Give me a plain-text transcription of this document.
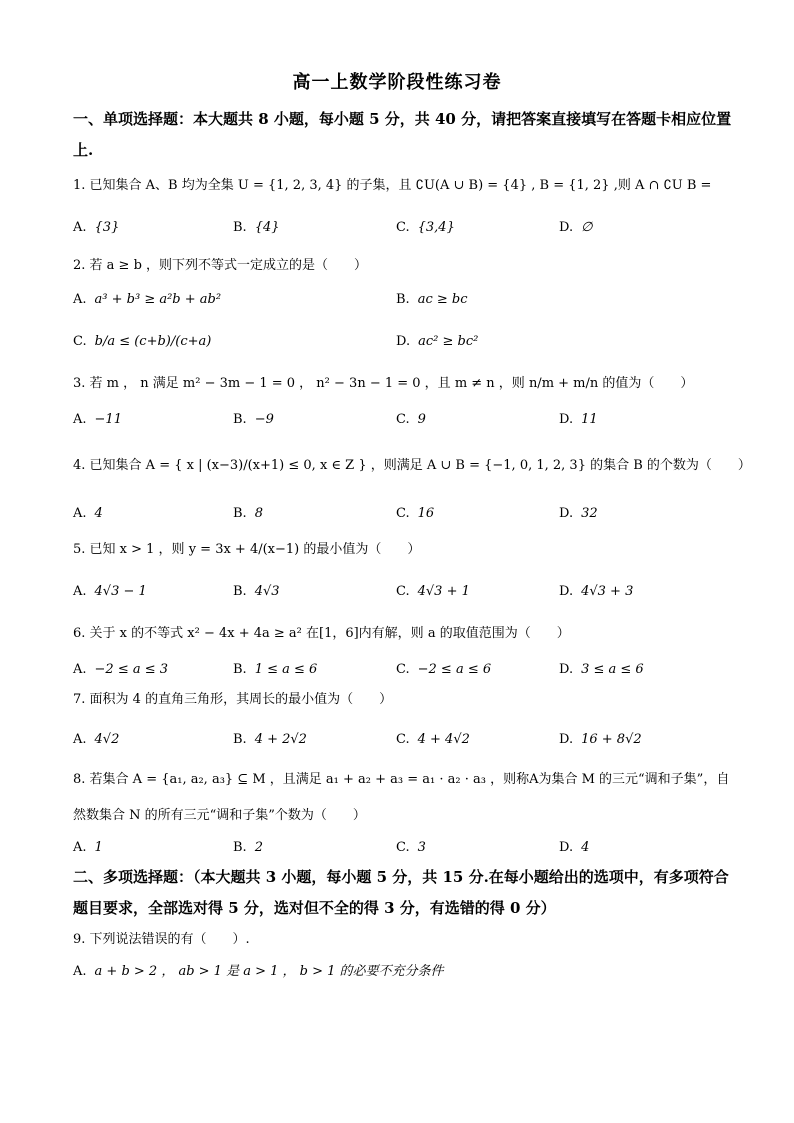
高一上数学阶段性练习卷
一、单项选择题：本大题共 8 小题，每小题 5 分，共 40 分，请把答案直接填写在答题卡相应位置上.
1. 已知集合 A、B 均为全集 U = {1, 2, 3, 4} 的子集，且 ∁U(A ∪ B) = {4} , B = {1, 2} ,则 A ∩ ∁U B =
A. {3}	B. {4}	C. {3,4}	D. ∅
2. 若 a ≥ b ，则下列不等式一定成立的是（　　）
A. a³ + b³ ≥ a²b + ab²	B. ac ≥ bc
C. b/a ≤ (c+b)/(c+a)	D. ac² ≥ bc²
3. 若 m ， n 满足 m² − 3m − 1 = 0 ， n² − 3n − 1 = 0 ，且 m ≠ n ，则 n/m + m/n 的值为（　　）
A. −11	B. −9	C. 9	D. 11
4. 已知集合 A = { x | (x−3)/(x+1) ≤ 0, x ∈ Z } ，则满足 A ∪ B = {−1, 0, 1, 2, 3} 的集合 B 的个数为（　　）
A. 4	B. 8	C. 16	D. 32
5. 已知 x > 1 ，则 y = 3x + 4/(x−1) 的最小值为（　　）
A. 4√3 − 1	B. 4√3	C. 4√3 + 1	D. 4√3 + 3
6. 关于 x 的不等式 x² − 4x + 4a ≥ a² 在[1，6]内有解，则 a 的取值范围为（　　）
A. −2 ≤ a ≤ 3	B. 1 ≤ a ≤ 6	C. −2 ≤ a ≤ 6	D. 3 ≤ a ≤ 6
7. 面积为 4 的直角三角形，其周长的最小值为（　　）
A. 4√2	B. 4 + 2√2	C. 4 + 4√2	D. 16 + 8√2
8. 若集合 A = {a₁, a₂, a₃} ⊆ M ，且满足 a₁ + a₂ + a₃ = a₁ · a₂ · a₃ ，则称A为集合 M 的三元“调和子集”，自然数集合 N 的所有三元“调和子集”个数为（　　）
A. 1	B. 2	C. 3	D. 4
二、多项选择题：（本大题共 3 小题，每小题 5 分，共 15 分.在每小题给出的选项中，有多项符合题目要求，全部选对得 5 分，选对但不全的得 3 分，有选错的得 0 分）
9. 下列说法错误的有（　　）.
A. a + b > 2 ， ab > 1 是 a > 1 ， b > 1 的必要不充分条件
